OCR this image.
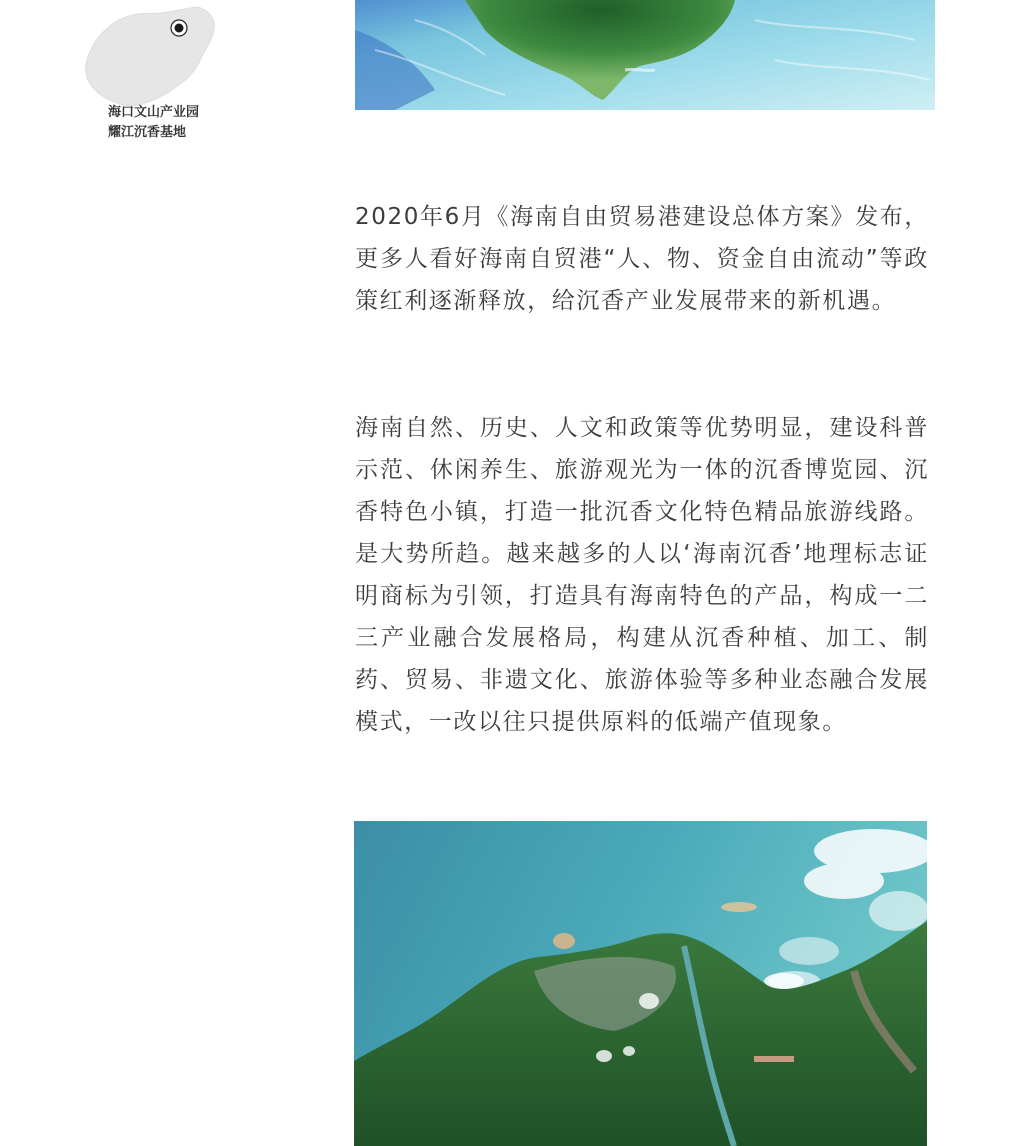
海口文山产业园
耀江沉香基地

2020年6月《海南自由贸易港建设总体方案》发布，更多人看好海南自贸港“人、物、资金自由流动”等政策红利逐渐释放，给沉香产业发展带来的新机遇。

海南自然、历史、人文和政策等优势明显，建设科普示范、休闲养生、旅游观光为一体的沉香博览园、沉香特色小镇，打造一批沉香文化特色精品旅游线路。是大势所趋。越来越多的人以‘海南沉香’地理标志证明商标为引领，打造具有海南特色的产品，构成一二三产业融合发展格局，构建从沉香种植、加工、制药、贸易、非遗文化、旅游体验等多种业态融合发展模式，一改以往只提供原料的低端产值现象。
